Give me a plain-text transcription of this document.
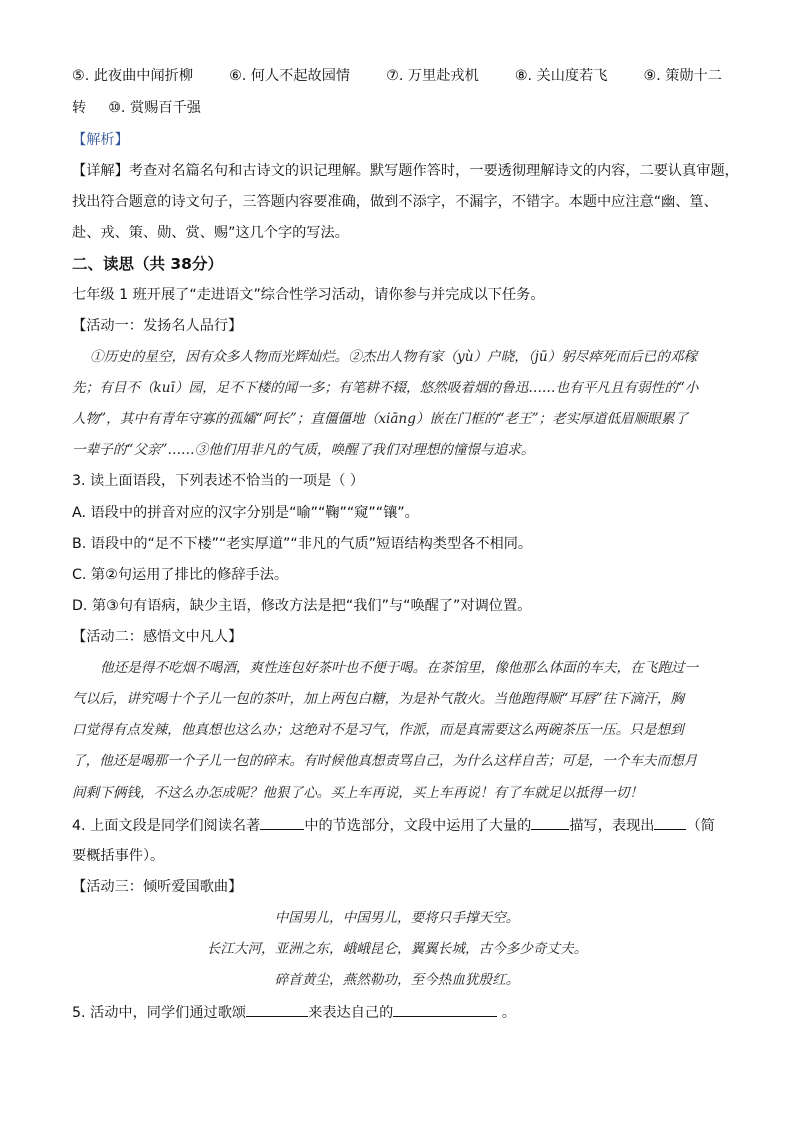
⑤. 此夜曲中闻折柳	⑥. 何人不起故园情	⑦. 万里赴戎机	⑧. 关山度若飞	⑨. 策勋十二
转 ⑩. 赏赐百千强
【解析】
【详解】考查对名篇名句和古诗文的识记理解。默写题作答时，一要透彻理解诗文的内容，二要认真审题，
找出符合题意的诗文句子，三答题内容要准确，做到不添字，不漏字，不错字。本题中应注意“幽、篁、
赴、戎、策、勋、赏、赐”这几个字的写法。
二、读思（共 38分）
七年级 1 班开展了“走进语文”综合性学习活动，请你参与并完成以下任务。
【活动一：发扬名人品行】
①历史的星空，因有众多人物而光辉灿烂。②杰出人物有家（yù）户晓，（jū）躬尽瘁死而后已的邓稼
先；有目不（kuī）园，足不下楼的闻一多；有笔耕不辍，悠然吸着烟的鲁迅……也有平凡且有弱性的“小
人物”，其中有青年守寡的孤孀“阿长”；直僵僵地（xiāng）嵌在门框的“老王”；老实厚道低眉顺眼累了
一辈子的“父亲”……③他们用非凡的气质，唤醒了我们对理想的憧憬与追求。
3. 读上面语段，下列表述不恰当的一项是（ ）
A. 语段中的拼音对应的汉字分别是“喻”“鞠”“窥”“镶”。
B. 语段中的“足不下楼”“老实厚道”“非凡的气质”短语结构类型各不相同。
C. 第②句运用了排比的修辞手法。
D. 第③句有语病，缺少主语，修改方法是把“我们”与“唤醒了”对调位置。
【活动二：感悟文中凡人】
他还是得不吃烟不喝酒，爽性连包好茶叶也不便于喝。在茶馆里，像他那么体面的车夫，在飞跑过一
气以后，讲究喝十个子儿一包的茶叶，加上两包白糖，为是补气散火。当他跑得顺“耳唇”往下滴汗，胸
口觉得有点发辣，他真想也这么办；这绝对不是习气，作派，而是真需要这么两碗茶压一压。只是想到
了，他还是喝那一个子儿一包的碎末。有时候他真想责骂自己，为什么这样自苦；可是，一个车夫而想月
间剩下俩钱，不这么办怎成呢？他狠了心。买上车再说，买上车再说！有了车就足以抵得一切！
4. 上面文段是同学们阅读名著	中的节选部分，文段中运用了大量的	描写，表现出 （简
要概括事件）。
【活动三：倾听爱国歌曲】
中国男儿，中国男儿，要将只手撑天空。
长江大河，亚洲之东，峨峨昆仑，翼翼长城，古今多少奇丈夫。
碎首黄尘，燕然勒功，至今热血犹殷红。
5. 活动中，同学们通过歌颂	来表达自己的	。
